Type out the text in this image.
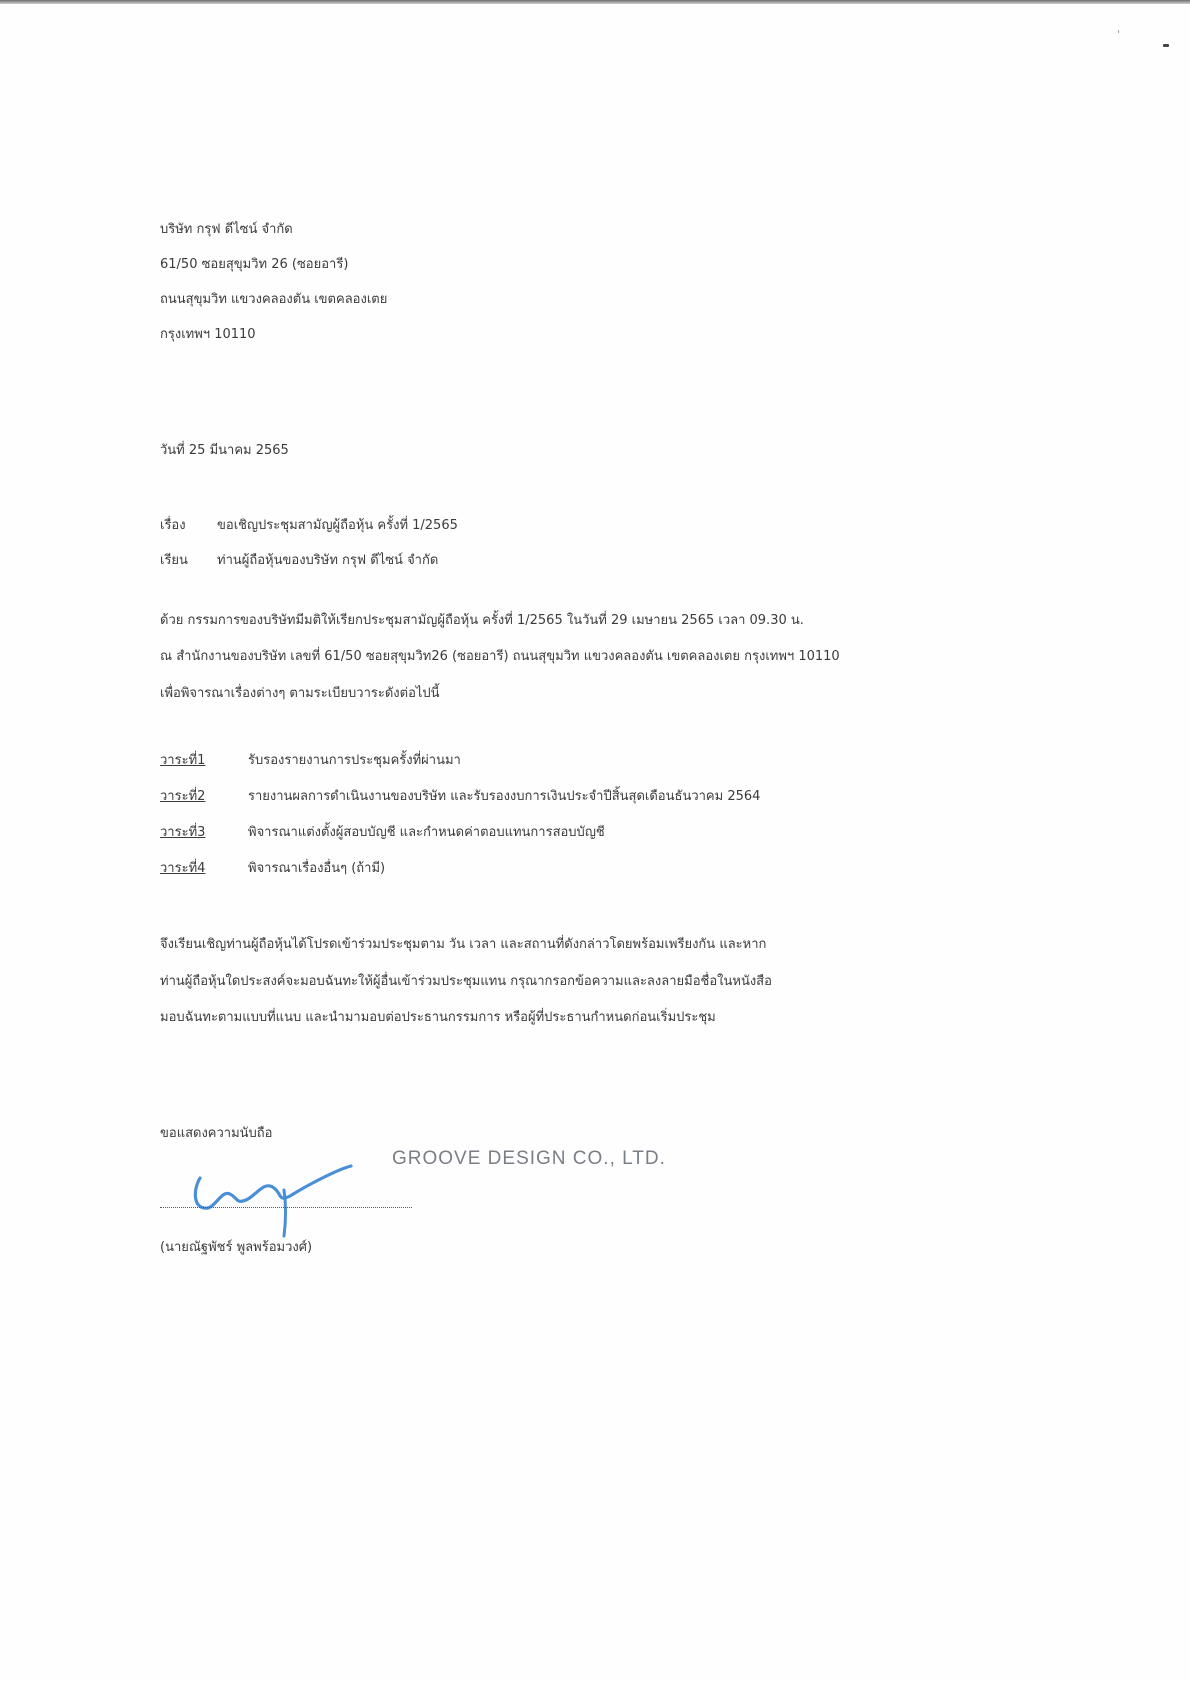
บริษัท กรุฟ ดีไซน์ จำกัด
61/50 ซอยสุขุมวิท 26 (ซอยอารี)
ถนนสุขุมวิท แขวงคลองตัน เขตคลองเตย
กรุงเทพฯ 10110
วันที่ 25 มีนาคม 2565
เรื่อง ขอเชิญประชุมสามัญผู้ถือหุ้น ครั้งที่ 1/2565
เรียน ท่านผู้ถือหุ้นของบริษัท กรุฟ ดีไซน์ จำกัด
ด้วย กรรมการของบริษัทมีมติให้เรียกประชุมสามัญผู้ถือหุ้น ครั้งที่ 1/2565 ในวันที่ 29 เมษายน 2565 เวลา 09.30 น.
ณ สำนักงานของบริษัท เลขที่ 61/50 ซอยสุขุมวิท26 (ซอยอารี) ถนนสุขุมวิท แขวงคลองตัน เขตคลองเตย กรุงเทพฯ 10110
เพื่อพิจารณาเรื่องต่างๆ ตามระเบียบวาระดังต่อไปนี้
วาระที่1	รับรองรายงานการประชุมครั้งที่ผ่านมา
วาระที่2	รายงานผลการดำเนินงานของบริษัท และรับรองงบการเงินประจำปีสิ้นสุดเดือนธันวาคม 2564
วาระที่3	พิจารณาแต่งตั้งผู้สอบบัญชี และกำหนดค่าตอบแทนการสอบบัญชี
วาระที่4	พิจารณาเรื่องอื่นๆ (ถ้ามี)
จึงเรียนเชิญท่านผู้ถือหุ้นได้โปรดเข้าร่วมประชุมตาม วัน เวลา และสถานที่ดังกล่าวโดยพร้อมเพรียงกัน และหาก
ท่านผู้ถือหุ้นใดประสงค์จะมอบฉันทะให้ผู้อื่นเข้าร่วมประชุมแทน กรุณากรอกข้อความและลงลายมือชื่อในหนังสือ
มอบฉันทะตามแบบที่แนบ และนำมามอบต่อประธานกรรมการ หรือผู้ที่ประธานกำหนดก่อนเริ่มประชุม
ขอแสดงความนับถือ
GROOVE DESIGN CO., LTD.
(นายณัฐพัชร์ พูลพร้อมวงศ์)
